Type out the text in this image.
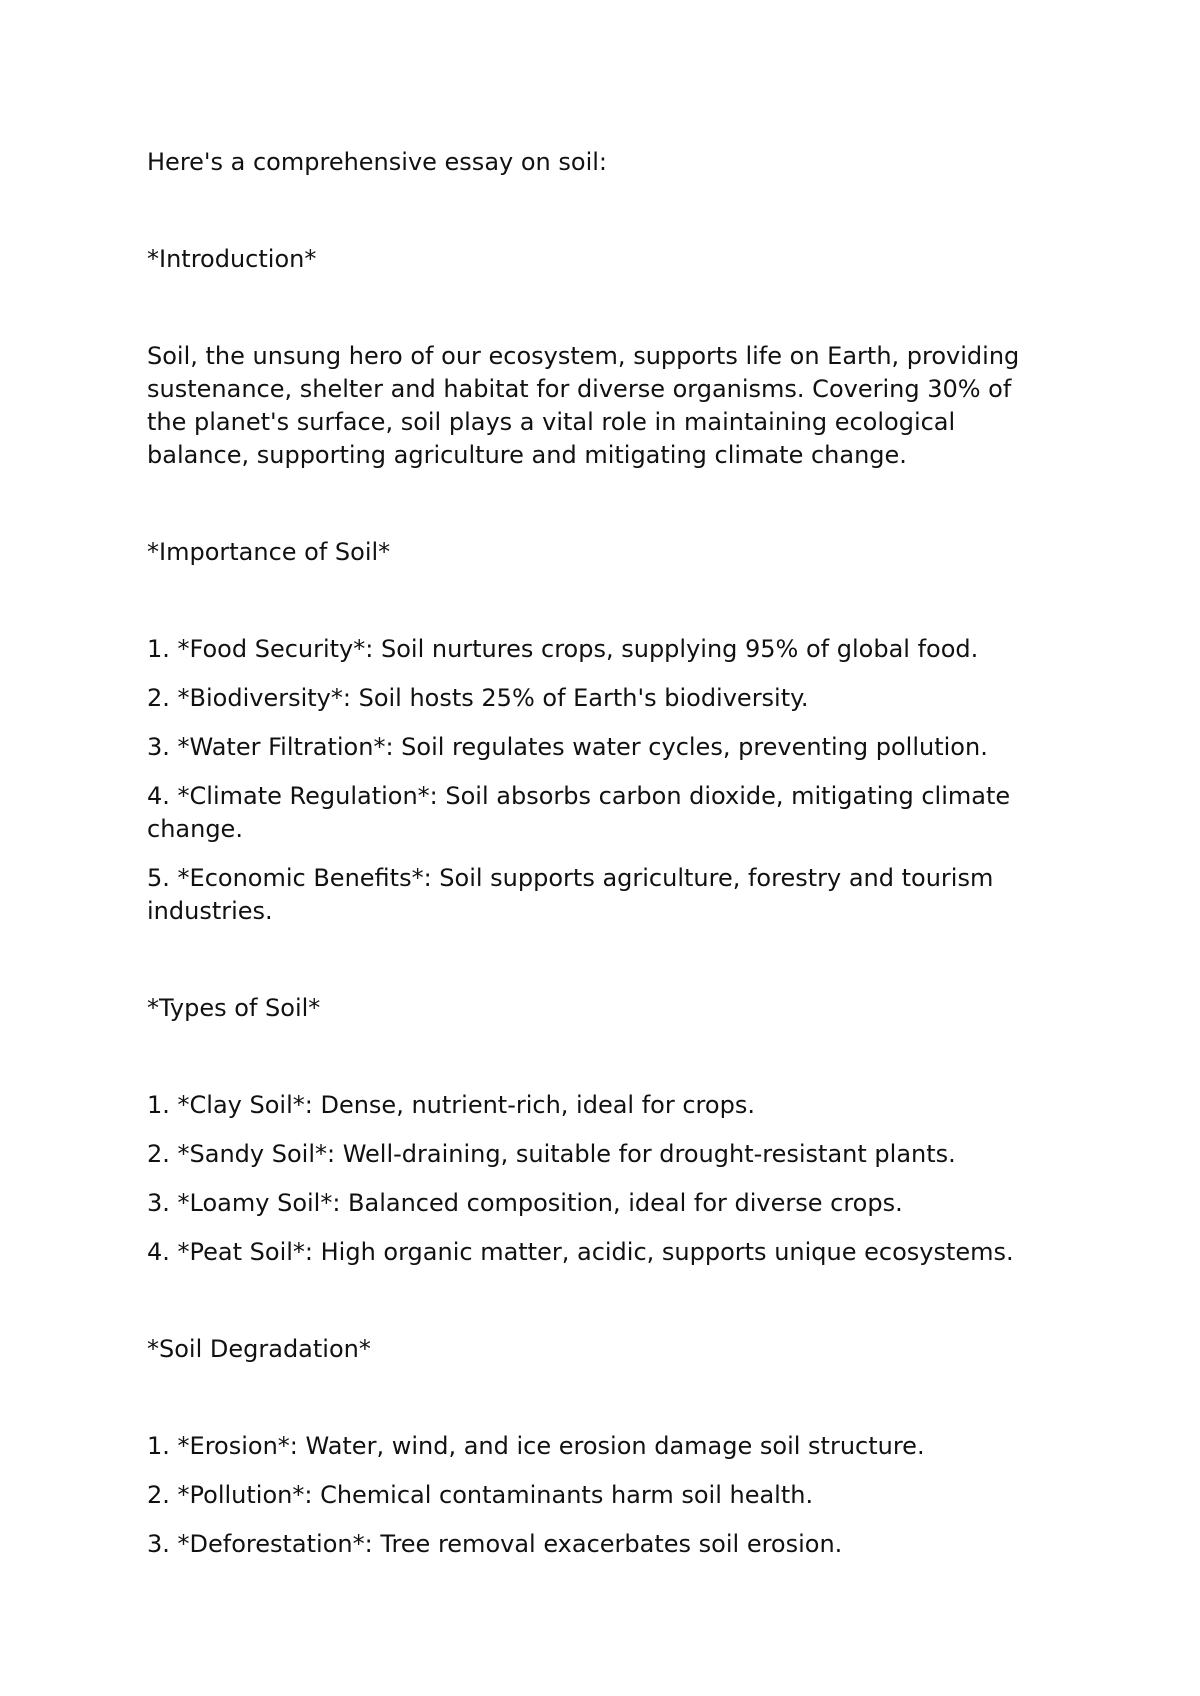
Here's a comprehensive essay on soil:

*Introduction*

Soil, the unsung hero of our ecosystem, supports life on Earth, providing sustenance, shelter and habitat for diverse organisms. Covering 30% of the planet's surface, soil plays a vital role in maintaining ecological balance, supporting agriculture and mitigating climate change.

*Importance of Soil*

1. *Food Security*: Soil nurtures crops, supplying 95% of global food.
2. *Biodiversity*: Soil hosts 25% of Earth's biodiversity.
3. *Water Filtration*: Soil regulates water cycles, preventing pollution.
4. *Climate Regulation*: Soil absorbs carbon dioxide, mitigating climate change.
5. *Economic Benefits*: Soil supports agriculture, forestry and tourism industries.

*Types of Soil*

1. *Clay Soil*: Dense, nutrient-rich, ideal for crops.
2. *Sandy Soil*: Well-draining, suitable for drought-resistant plants.
3. *Loamy Soil*: Balanced composition, ideal for diverse crops.
4. *Peat Soil*: High organic matter, acidic, supports unique ecosystems.

*Soil Degradation*

1. *Erosion*: Water, wind, and ice erosion damage soil structure.
2. *Pollution*: Chemical contaminants harm soil health.
3. *Deforestation*: Tree removal exacerbates soil erosion.
